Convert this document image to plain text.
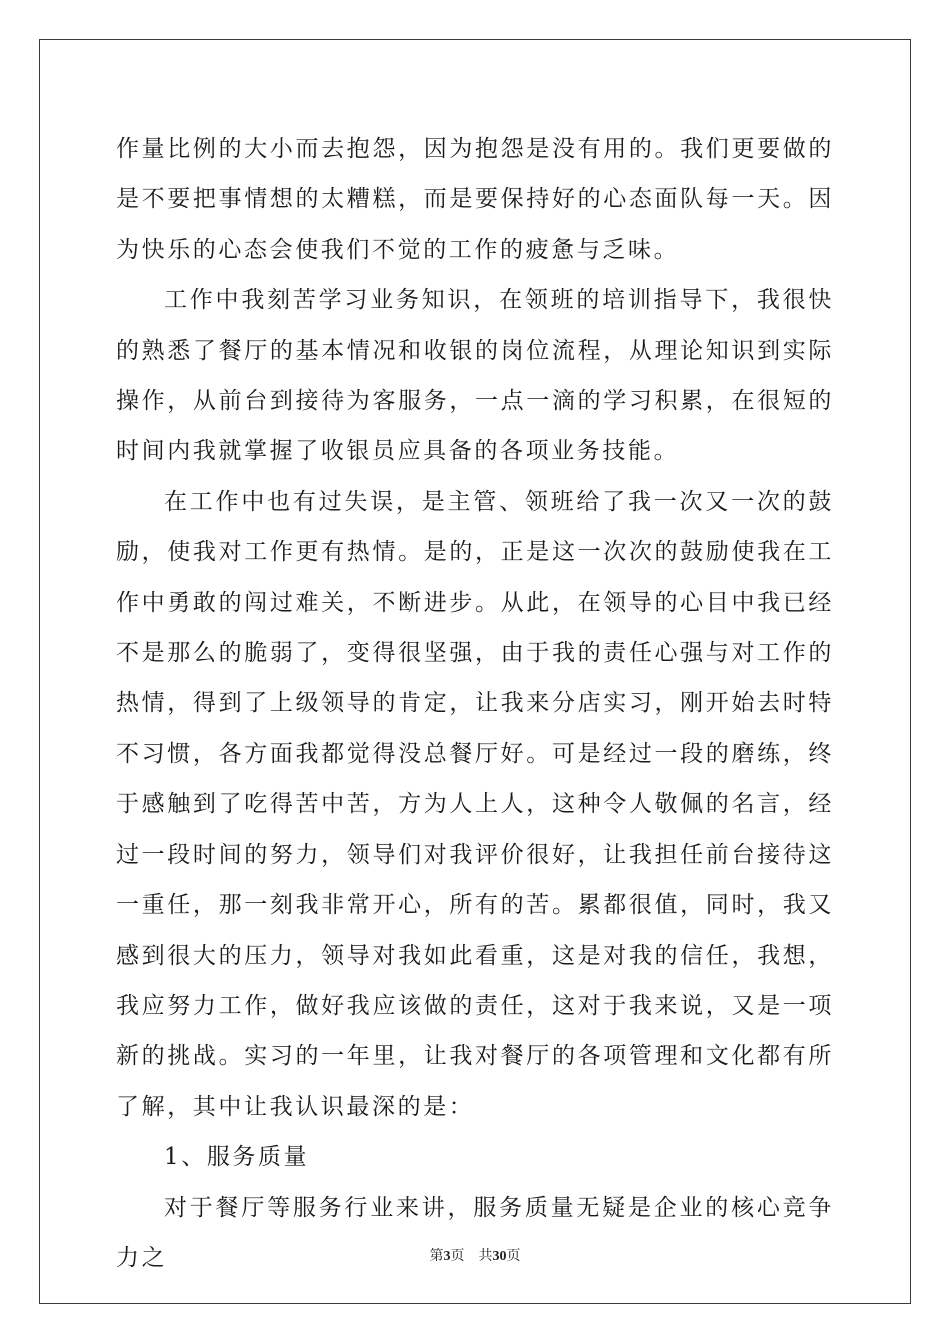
作量比例的大小而去抱怨，因为抱怨是没有用的。我们更要做的是不要把事情想的太糟糕，而是要保持好的心态面队每一天。因为快乐的心态会使我们不觉的工作的疲惫与乏味。

工作中我刻苦学习业务知识，在领班的培训指导下，我很快的熟悉了餐厅的基本情况和收银的岗位流程，从理论知识到实际操作，从前台到接待为客服务，一点一滴的学习积累，在很短的时间内我就掌握了收银员应具备的各项业务技能。

在工作中也有过失误，是主管、领班给了我一次又一次的鼓励，使我对工作更有热情。是的，正是这一次次的鼓励使我在工作中勇敢的闯过难关，不断进步。从此，在领导的心目中我已经不是那么的脆弱了，变得很坚强，由于我的责任心强与对工作的热情，得到了上级领导的肯定，让我来分店实习，刚开始去时特不习惯，各方面我都觉得没总餐厅好。可是经过一段的磨练，终于感触到了吃得苦中苦，方为人上人，这种令人敬佩的名言，经过一段时间的努力，领导们对我评价很好，让我担任前台接待这一重任，那一刻我非常开心，所有的苦。累都很值，同时，我又感到很大的压力，领导对我如此看重，这是对我的信任，我想，我应努力工作，做好我应该做的责任，这对于我来说，又是一项新的挑战。实习的一年里，让我对餐厅的各项管理和文化都有所了解，其中让我认识最深的是：

1、服务质量

对于餐厅等服务行业来讲，服务质量无疑是企业的核心竞争力之	第3页 共30页
